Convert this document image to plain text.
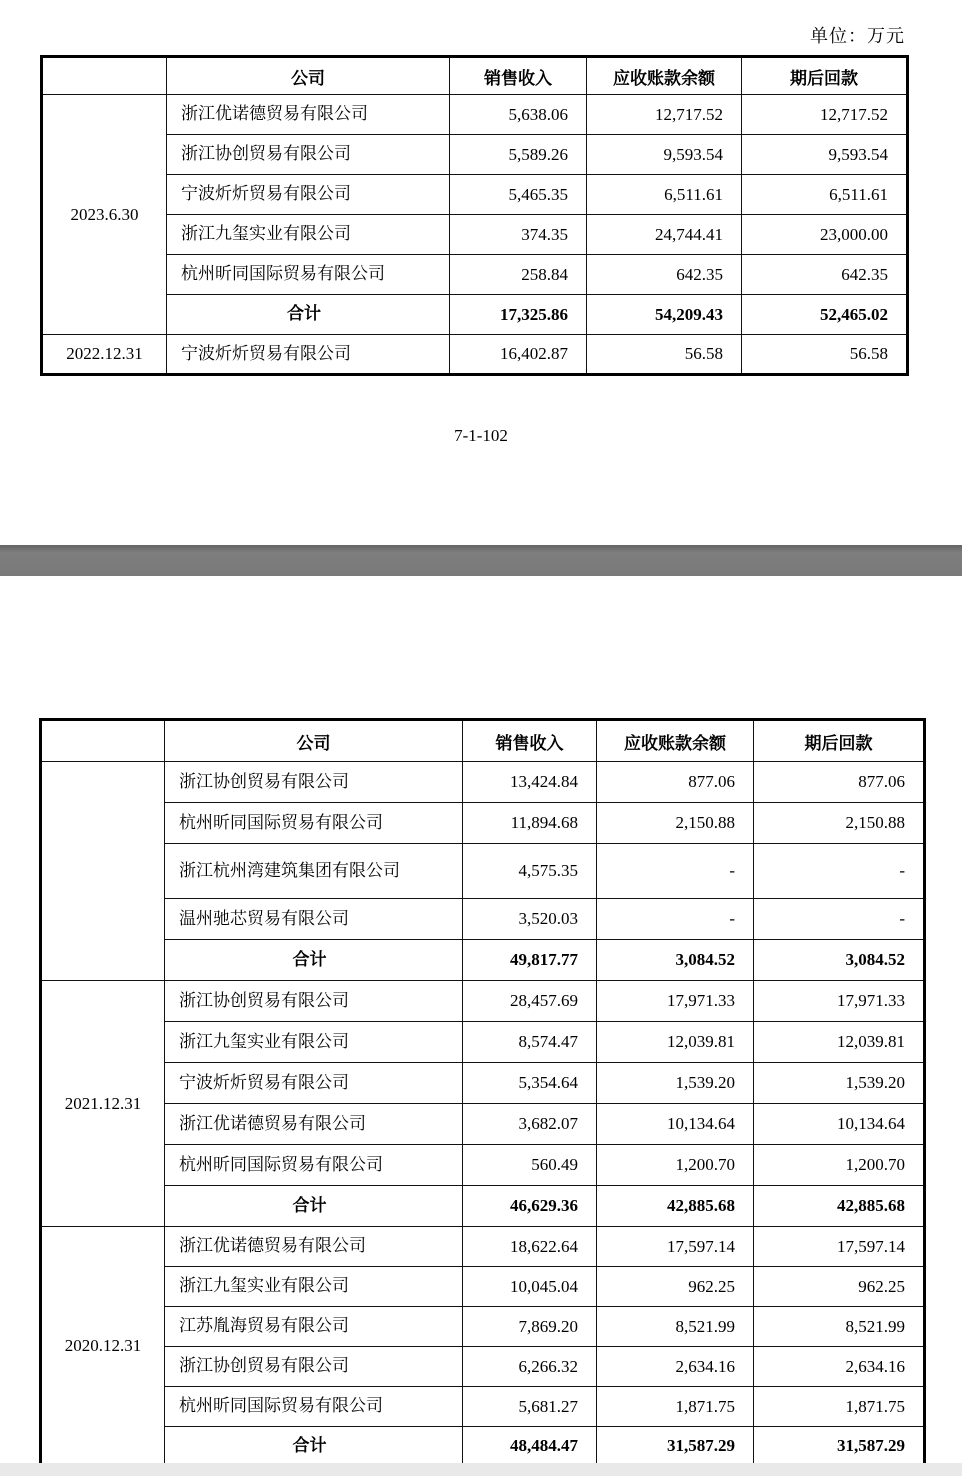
单位：万元
	公司	销售收入	应收账款余额	期后回款
2023.6.30	浙江优诺德贸易有限公司	5,638.06	12,717.52	12,717.52
	浙江协创贸易有限公司	5,589.26	9,593.54	9,593.54
	宁波炘炘贸易有限公司	5,465.35	6,511.61	6,511.61
	浙江九玺实业有限公司	374.35	24,744.41	23,000.00
	杭州昕同国际贸易有限公司	258.84	642.35	642.35
	合计	17,325.86	54,209.43	52,465.02
2022.12.31	宁波炘炘贸易有限公司	16,402.87	56.58	56.58
7-1-102
	公司	销售收入	应收账款余额	期后回款
	浙江协创贸易有限公司	13,424.84	877.06	877.06
	杭州昕同国际贸易有限公司	11,894.68	2,150.88	2,150.88
	浙江杭州湾建筑集团有限公司	4,575.35	-	-
	温州驰芯贸易有限公司	3,520.03	-	-
	合计	49,817.77	3,084.52	3,084.52
2021.12.31	浙江协创贸易有限公司	28,457.69	17,971.33	17,971.33
	浙江九玺实业有限公司	8,574.47	12,039.81	12,039.81
	宁波炘炘贸易有限公司	5,354.64	1,539.20	1,539.20
	浙江优诺德贸易有限公司	3,682.07	10,134.64	10,134.64
	杭州昕同国际贸易有限公司	560.49	1,200.70	1,200.70
	合计	46,629.36	42,885.68	42,885.68
2020.12.31	浙江优诺德贸易有限公司	18,622.64	17,597.14	17,597.14
	浙江九玺实业有限公司	10,045.04	962.25	962.25
	江苏胤海贸易有限公司	7,869.20	8,521.99	8,521.99
	浙江协创贸易有限公司	6,266.32	2,634.16	2,634.16
	杭州昕同国际贸易有限公司	5,681.27	1,871.75	1,871.75
	合计	48,484.47	31,587.29	31,587.29
